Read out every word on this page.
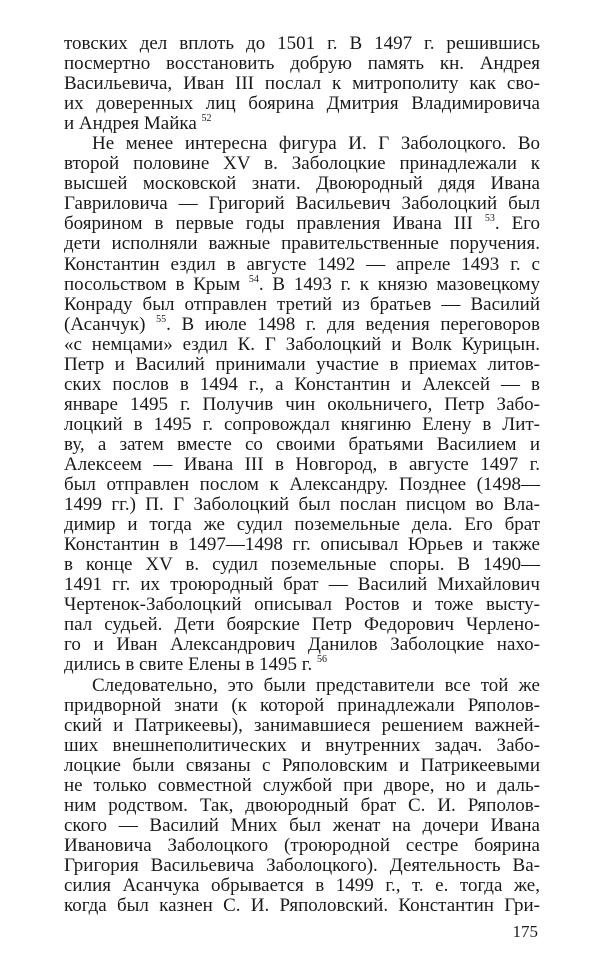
товских дел вплоть до 1501 г. В 1497 г. решившись
посмертно восстановить добрую память кн. Андрея
Васильевича, Иван III послал к митрополиту как сво-
их доверенных лиц боярина Дмитрия Владимировича
и Андрея Майка $^{52}$
Не менее интересна фигура И. Г Заболоцкого. Во
второй половине XV в. Заболоцкие принадлежали к
высшей московской знати. Двоюродный дядя Ивана
Гавриловича — Григорий Васильевич Заболоцкий был
боярином в первые годы правления Ивана III $^{53}$. Его
дети исполняли важные правительственные поручения.
Константин ездил в августе 1492 — апреле 1493 г. с
посольством в Крым $^{54}$. В 1493 г. к князю мазовецкому
Конраду был отправлен третий из братьев — Василий
(Асанчук) $^{55}$. В июле 1498 г. для ведения переговоров
«с немцами» ездил К. Г Заболоцкий и Волк Курицын.
Петр и Василий принимали участие в приемах литов-
ских послов в 1494 г., а Константин и Алексей — в
январе 1495 г. Получив чин окольничего, Петр Забо-
лоцкий в 1495 г. сопровождал княгиню Елену в Лит-
ву, а затем вместе со своими братьями Василием и
Алексеем — Ивана III в Новгород, в августе 1497 г.
был отправлен послом к Александру. Позднее (1498—
1499 гг.) П. Г Заболоцкий был послан писцом во Вла-
димир и тогда же судил поземельные дела. Его брат
Константин в 1497—1498 гг. описывал Юрьев и также
в конце XV в. судил поземельные споры. В 1490—
1491 гг. их троюродный брат — Василий Михайлович
Чертенок-Заболоцкий описывал Ростов и тоже высту-
пал судьей. Дети боярские Петр Федорович Черлено-
го и Иван Александрович Данилов Заболоцкие нахо-
дились в свите Елены в 1495 г. $^{56}$
Следовательно, это были представители все той же
придворной знати (к которой принадлежали Ряполов-
ский и Патрикеевы), занимавшиеся решением важней-
ших внешнеполитических и внутренних задач. Забо-
лоцкие были связаны с Ряполовским и Патрикеевыми
не только совместной службой при дворе, но и даль-
ним родством. Так, двоюродный брат С. И. Ряполов-
ского — Василий Мних был женат на дочери Ивана
Ивановича Заболоцкого (троюродной сестре боярина
Григория Васильевича Заболоцкого). Деятельность Ва-
силия Асанчука обрывается в 1499 г., т. е. тогда же,
когда был казнен С. И. Ряполовский. Константин Гри-
175
